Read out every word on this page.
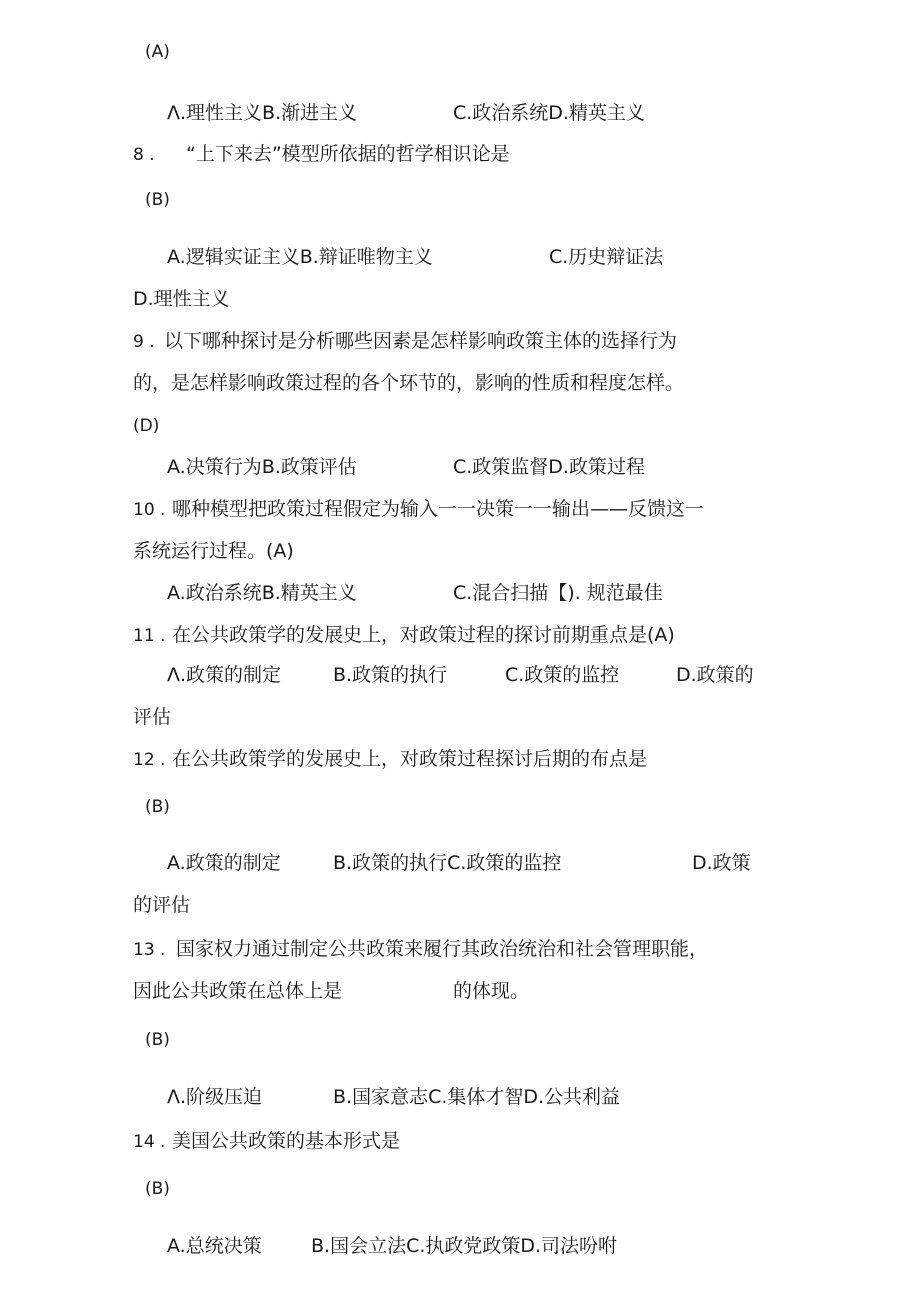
(A)

Λ.理性主义B.渐进主义	C.政治系统D.精英主义

8 . “上下来去”模型所依据的哲学相识论是

(B)

A.逻辑实证主义B.辩证唯物主义	C.历史辩证法

D.理性主义

9 . 以下哪种探讨是分析哪些因素是怎样影响政策主体的选择行为

的，是怎样影响政策过程的各个环节的，影响的性质和程度怎样。

(D)

A.决策行为B.政策评估	C.政策监督D.政策过程

10 . 哪种模型把政策过程假定为输入一一决策一一输出——反馈这一

系统运行过程。(A)

A.政治系统B.精英主义	C.混合扫描【). 规范最佳

11 . 在公共政策学的发展史上，对政策过程的探讨前期重点是(A)

Λ.政策的制定	B.政策的执行	C.政策的监控	D.政策的

评估

12 . 在公共政策学的发展史上，对政策过程探讨后期的布点是

(B)

A.政策的制定	B.政策的执行C.政策的监控	D.政策

的评估

13 . 国家权力通过制定公共政策来履行其政治统治和社会管理职能，

因此公共政策在总体上是	的体现。

(B)

Λ.阶级压迫	B.国家意志C.集体才智D.公共利益

14 . 美国公共政策的基本形式是

(B)

A.总统决策	B.国会立法C.执政党政策D.司法吩咐
